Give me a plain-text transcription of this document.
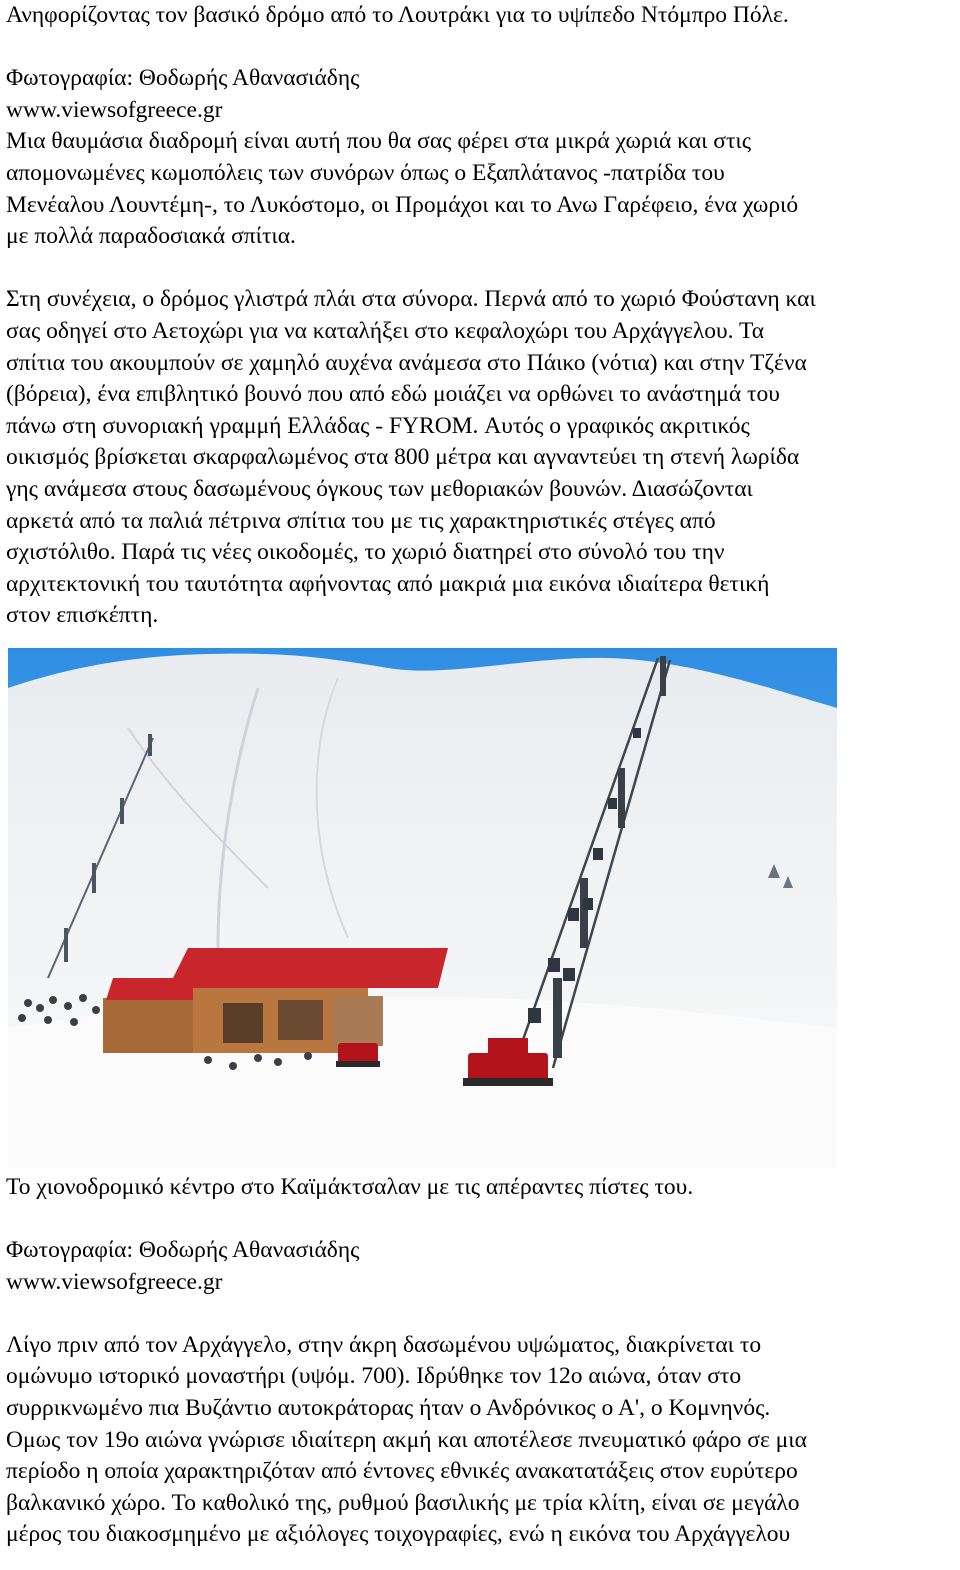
Ανηφορίζοντας τον βασικό δρόμο από το Λουτράκι για το υψίπεδο Ντόμπρο Πόλε.
Φωτογραφία: Θοδωρής Αθανασιάδης
www.viewsofgreece.gr
Μια θαυμάσια διαδρομή είναι αυτή που θα σας φέρει στα μικρά χωριά και στις
απομονωμένες κωμοπόλεις των συνόρων όπως ο Εξαπλάτανος -πατρίδα του
Μενέαλου Λουντέμη-, το Λυκόστομο, οι Προμάχοι και το Ανω Γαρέφειο, ένα χωριό
με πολλά παραδοσιακά σπίτια.
Στη συνέχεια, ο δρόμος γλιστρά πλάι στα σύνορα. Περνά από το χωριό Φούστανη και
σας οδηγεί στο Αετοχώρι για να καταλήξει στο κεφαλοχώρι του Αρχάγγελου. Τα
σπίτια του ακουμπούν σε χαμηλό αυχένα ανάμεσα στο Πάικο (νότια) και στην Τζένα
(βόρεια), ένα επιβλητικό βουνό που από εδώ μοιάζει να ορθώνει το ανάστημά του
πάνω στη συνοριακή γραμμή Ελλάδας - FYROM. Αυτός ο γραφικός ακριτικός
οικισμός βρίσκεται σκαρφαλωμένος στα 800 μέτρα και αγναντεύει τη στενή λωρίδα
γης ανάμεσα στους δασωμένους όγκους των μεθοριακών βουνών. Διασώζονται
αρκετά από τα παλιά πέτρινα σπίτια του με τις χαρακτηριστικές στέγες από
σχιστόλιθο. Παρά τις νέες οικοδομές, το χωριό διατηρεί στο σύνολό του την
αρχιτεκτονική του ταυτότητα αφήνοντας από μακριά μια εικόνα ιδιαίτερα θετική
στον επισκέπτη.
Το χιονοδρομικό κέντρο στο Καϊμάκτσαλαν με τις απέραντες πίστες του.
Φωτογραφία: Θοδωρής Αθανασιάδης
www.viewsofgreece.gr
Λίγο πριν από τον Αρχάγγελο, στην άκρη δασωμένου υψώματος, διακρίνεται το
ομώνυμο ιστορικό μοναστήρι (υψόμ. 700). Ιδρύθηκε τον 12ο αιώνα, όταν στο
συρρικνωμένο πια Βυζάντιο αυτοκράτορας ήταν ο Ανδρόνικος ο Α', ο Κομνηνός.
Ομως τον 19ο αιώνα γνώρισε ιδιαίτερη ακμή και αποτέλεσε πνευματικό φάρο σε μια
περίοδο η οποία χαρακτηριζόταν από έντονες εθνικές ανακατατάξεις στον ευρύτερο
βαλκανικό χώρο. Το καθολικό της, ρυθμού βασιλικής με τρία κλίτη, είναι σε μεγάλο
μέρος του διακοσμημένο με αξιόλογες τοιχογραφίες, ενώ η εικόνα του Αρχάγγελου
